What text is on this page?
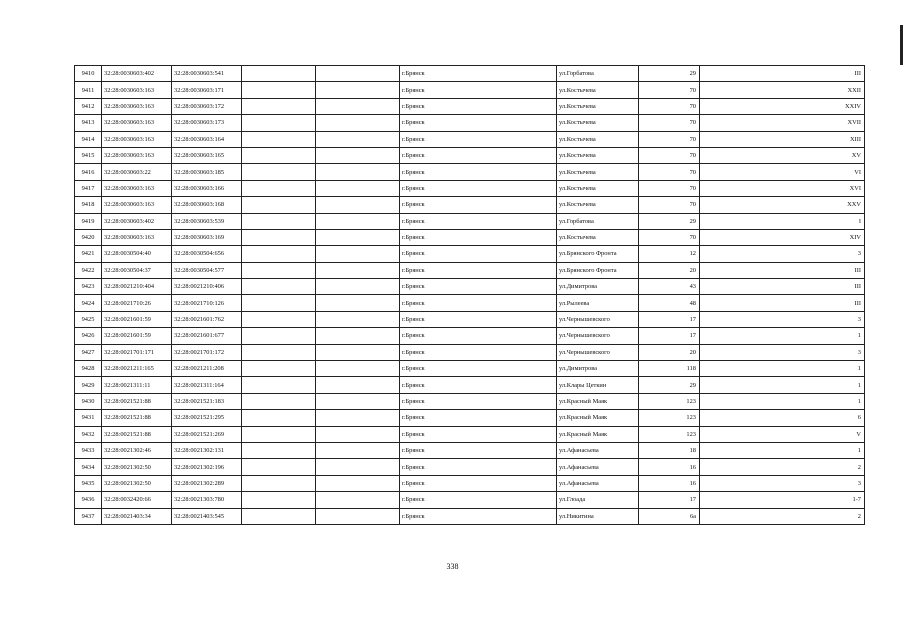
9410	32:28:0030603:402	32:28:0030603:541			г.Брянск	ул.Горбатова	29	III
9411	32:28:0030603:163	32:28:0030603:171			г.Брянск	ул.Костычева	70	XXII
9412	32:28:0030603:163	32:28:0030603:172			г.Брянск	ул.Костычева	70	XXIV
9413	32:28:0030603:163	32:28:0030603:173			г.Брянск	ул.Костычева	70	XVII
9414	32:28:0030603:163	32:28:0030603:164			г.Брянск	ул.Костычева	70	XIII
9415	32:28:0030603:163	32:28:0030603:165			г.Брянск	ул.Костычева	70	XV
9416	32:28:0030603:22	32:28:0030603:185			г.Брянск	ул.Костычева	70	VI
9417	32:28:0030603:163	32:28:0030603:166			г.Брянск	ул.Костычева	70	XVI
9418	32:28:0030603:163	32:28:0030603:168			г.Брянск	ул.Костычева	70	XXV
9419	32:28:0030603:402	32:28:0030603:539			г.Брянск	ул.Горбатова	29	I
9420	32:28:0030603:163	32:28:0030603:169			г.Брянск	ул.Костычева	70	XIV
9421	32:28:0030504:40	32:28:0030504:656			г.Брянск	ул.Брянского Фронта	12	3
9422	32:28:0030504:37	32:28:0030504:577			г.Брянск	ул.Брянского Фронта	20	III
9423	32:28:0021210:404	32:28:0021210:406			г.Брянск	ул.Димитрова	43	III
9424	32:28:0021710:26	32:28:0021710:126			г.Брянск	ул.Рылеева	48	III
9425	32:28:0021601:59	32:28:0021601:762			г.Брянск	ул.Чернышевского	17	3
9426	32:28:0021601:59	32:28:0021601:677			г.Брянск	ул.Чернышевского	17	1
9427	32:28:0021701:171	32:28:0021701:172			г.Брянск	ул.Чернышевского	20	3
9428	32:28:0021211:165	32:28:0021211:208			г.Брянск	ул.Димитрова	118	1
9429	32:28:0021311:11	32:28:0021311:164			г.Брянск	ул.Клары Цеткин	29	1
9430	32:28:0021521:88	32:28:0021521:183			г.Брянск	ул.Красный Маяк	123	1
9431	32:28:0021521:88	32:28:0021521:295			г.Брянск	ул.Красный Маяк	123	6
9432	32:28:0021521:88	32:28:0021521:269			г.Брянск	ул.Красный Маяк	123	V
9433	32:28:0021302:46	32:28:0021302:131			г.Брянск	ул.Афанасьева	18	1
9434	32:28:0021302:50	32:28:0021302:196			г.Брянск	ул.Афанасьева	16	2
9435	32:28:0021302:50	32:28:0021302:289			г.Брянск	ул.Афанасьева	16	3
9436	32:28:0032420:66	32:28:0021303:780			г.Брянск	ул.Глоада	17	1-7
9437	32:28:0021403:34	32:28:0021403:545			г.Брянск	ул.Никитина	6а	2
338
